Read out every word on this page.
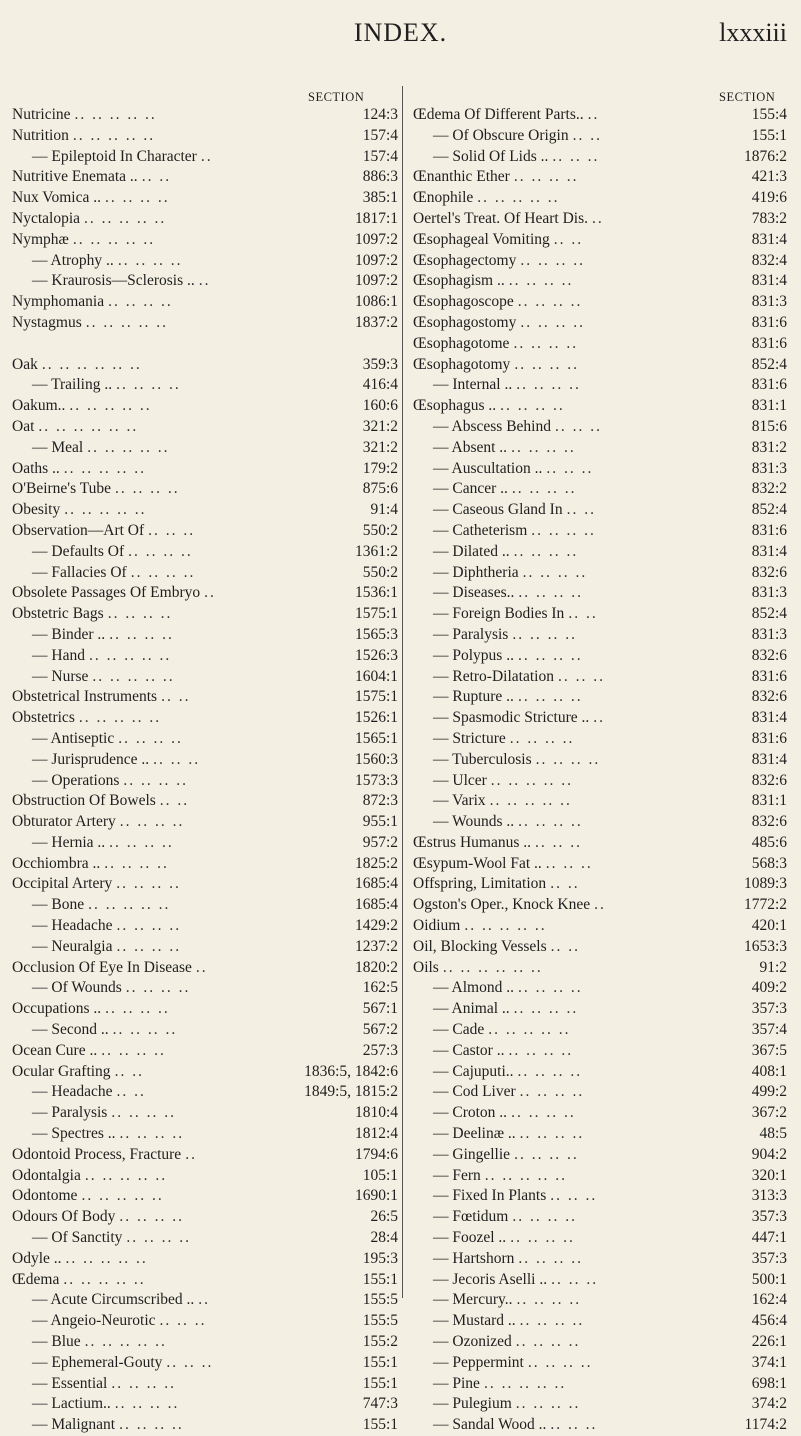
INDEX.	lxxxiii
SECTION	SECTION
Nutricine .. .. .. .. ..	124:3
Nutrition .. .. .. .. ..	157:4
— Epileptoid In Character ..	157:4
Nutritive Enemata .. .. ..	886:3
Nux Vomica .. .. .. .. ..	385:1
Nyctalopia .. .. .. .. ..	1817:1
Nymphæ .. .. .. .. ..	1097:2
— Atrophy .. .. .. .. ..	1097:2
— Kraurosis—Sclerosis .. ..	1097:2
Nymphomania .. .. .. ..	1086:1
Nystagmus .. .. .. .. ..	1837:2
Oak .. .. .. .. .. ..	359:3
— Trailing .. .. .. .. ..	416:4
Oakum.. .. .. .. .. ..	160:6
Oat .. .. .. .. .. ..	321:2
— Meal .. .. .. .. ..	321:2
Oaths .. .. .. .. .. ..	179:2
O'Beirne's Tube .. .. .. ..	875:6
Obesity .. .. .. .. ..	91:4
Observation—Art Of .. .. ..	550:2
— Defaults Of .. .. .. ..	1361:2
— Fallacies Of .. .. .. ..	550:2
Obsolete Passages Of Embryo ..	1536:1
Obstetric Bags .. .. .. ..	1575:1
— Binder .. .. .. .. ..	1565:3
— Hand .. .. .. .. ..	1526:3
— Nurse .. .. .. .. ..	1604:1
Obstetrical Instruments .. ..	1575:1
Obstetrics .. .. .. .. ..	1526:1
— Antiseptic .. .. .. ..	1565:1
— Jurisprudence .. .. .. ..	1560:3
— Operations .. .. .. ..	1573:3
Obstruction Of Bowels .. ..	872:3
Obturator Artery .. .. .. ..	955:1
— Hernia .. .. .. .. ..	957:2
Occhiombra .. .. .. .. ..	1825:2
Occipital Artery .. .. .. ..	1685:4
— Bone .. .. .. .. ..	1685:4
— Headache .. .. .. ..	1429:2
— Neuralgia .. .. .. ..	1237:2
Occlusion Of Eye In Disease ..	1820:2
— Of Wounds .. .. .. ..	162:5
Occupations .. .. .. .. ..	567:1
— Second .. .. .. .. ..	567:2
Ocean Cure .. .. .. .. ..	257:3
Ocular Grafting .. ..	1836:5, 1842:6
— Headache .. ..	1849:5, 1815:2
— Paralysis .. .. .. ..	1810:4
— Spectres .. .. .. .. ..	1812:4
Odontoid Process, Fracture ..	1794:6
Odontalgia .. .. .. .. ..	105:1
Odontome .. .. .. .. ..	1690:1
Odours Of Body .. .. .. ..	26:5
— Of Sanctity .. .. .. ..	28:4
Odyle .. .. .. .. .. ..	195:3
Œdema .. .. .. .. ..	155:1
— Acute Circumscribed .. ..	155:5
— Angeio-Neurotic .. .. ..	155:5
— Blue .. .. .. .. ..	155:2
— Ephemeral-Gouty .. .. ..	155:1
— Essential .. .. .. ..	155:1
— Lactium.. .. .. .. ..	747:3
— Malignant .. .. .. ..	155:1
Œdema Of Different Parts.. ..	155:4
— Of Obscure Origin .. ..	155:1
— Solid Of Lids .. .. .. ..	1876:2
Œnanthic Ether .. .. .. ..	421:3
Œnophile .. .. .. .. ..	419:6
Oertel's Treat. Of Heart Dis. ..	783:2
Œsophageal Vomiting .. ..	831:4
Œsophagectomy .. .. .. ..	832:4
Œsophagism .. .. .. .. ..	831:4
Œsophagoscope .. .. .. ..	831:3
Œsophagostomy .. .. .. ..	831:6
Œsophagotome .. .. .. ..	831:6
Œsophagotomy .. .. .. ..	852:4
— Internal .. .. .. .. ..	831:6
Œsophagus .. .. .. .. ..	831:1
— Abscess Behind .. .. ..	815:6
— Absent .. .. .. .. ..	831:2
— Auscultation .. .. .. ..	831:3
— Cancer .. .. .. .. ..	832:2
— Caseous Gland In .. ..	852:4
— Catheterism .. .. .. ..	831:6
— Dilated .. .. .. .. ..	831:4
— Diphtheria .. .. .. ..	832:6
— Diseases.. .. .. .. ..	831:3
— Foreign Bodies In .. ..	852:4
— Paralysis .. .. .. ..	831:3
— Polypus .. .. .. .. ..	832:6
— Retro-Dilatation .. .. ..	831:6
— Rupture .. .. .. .. ..	832:6
— Spasmodic Stricture .. ..	831:4
— Stricture .. .. .. ..	831:6
— Tuberculosis .. .. .. ..	831:4
— Ulcer .. .. .. .. ..	832:6
— Varix .. .. .. .. ..	831:1
— Wounds .. .. .. .. ..	832:6
Œstrus Humanus .. .. .. ..	485:6
Œsypum-Wool Fat .. .. .. ..	568:3
Offspring, Limitation .. ..	1089:3
Ogston's Oper., Knock Knee ..	1772:2
Oidium .. .. .. .. ..	420:1
Oil, Blocking Vessels .. ..	1653:3
Oils .. .. .. .. .. ..	91:2
— Almond .. .. .. .. ..	409:2
— Animal .. .. .. .. ..	357:3
— Cade .. .. .. .. ..	357:4
— Castor .. .. .. .. ..	367:5
— Cajuputi.. .. .. .. ..	408:1
— Cod Liver .. .. .. ..	499:2
— Croton .. .. .. .. ..	367:2
— Deelinæ .. .. .. .. ..	48:5
— Gingellie .. .. .. ..	904:2
— Fern .. .. .. .. ..	320:1
— Fixed In Plants .. .. ..	313:3
— Fœtidum .. .. .. ..	357:3
— Foozel .. .. .. .. ..	447:1
— Hartshorn .. .. .. ..	357:3
— Jecoris Aselli .. .. .. ..	500:1
— Mercury.. .. .. .. ..	162:4
— Mustard .. .. .. .. ..	456:4
— Ozonized .. .. .. ..	226:1
— Peppermint .. .. .. ..	374:1
— Pine .. .. .. .. ..	698:1
— Pulegium .. .. .. ..	374:2
— Sandal Wood .. .. .. ..	1174:2
